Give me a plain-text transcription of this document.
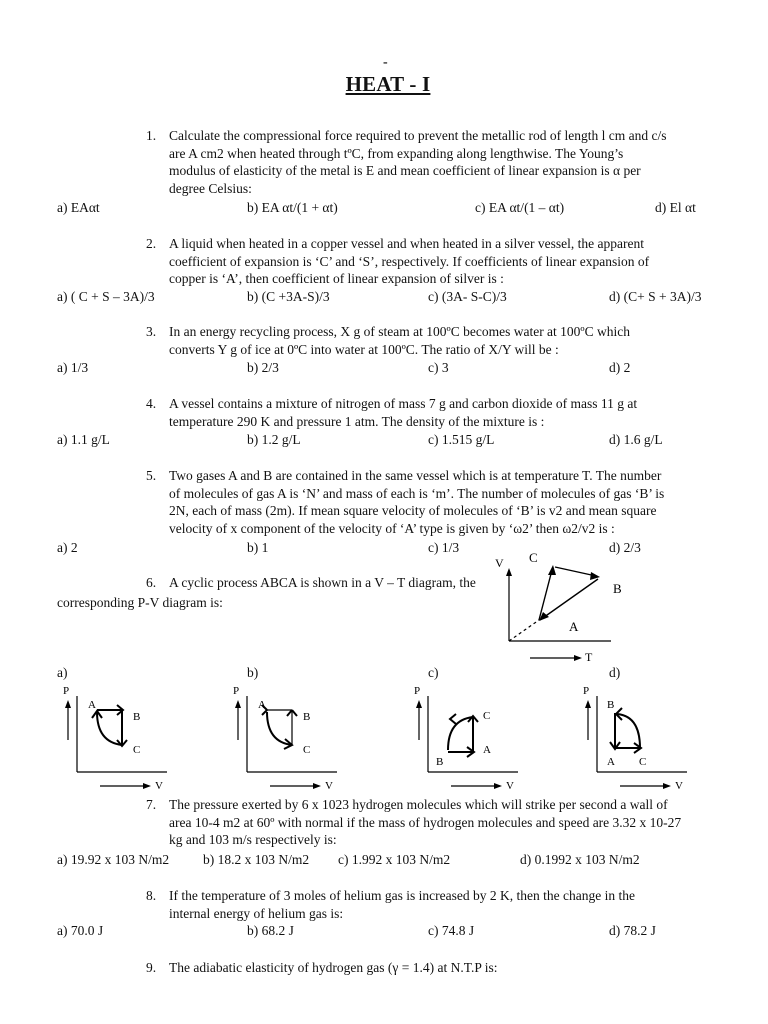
-
HEAT - I
1. Calculate the compressional force required to prevent the metallic rod of length l cm and c/s
are A cm2 when heated through tºC, from expanding along lengthwise. The Young’s
modulus of elasticity of the metal is E and mean coefficient of linear expansion is α per
degree Celsius:
a) EAαt	b) EA αt/(1 + αt)	c) EA αt/(1 – αt)	d) El αt
2. A liquid when heated in a copper vessel and when heated in a silver vessel, the apparent
coefficient of expansion is ‘C’ and ‘S’, respectively. If coefficients of linear expansion of
copper is ‘A’, then coefficient of linear expansion of silver is :
a) ( C + S – 3A)/3	b) (C +3A-S)/3	c) (3A- S-C)/3	d) (C+ S + 3A)/3
3. In an energy recycling process, X g of steam at 100ºC becomes water at 100ºC which
converts Y g of ice at 0ºC into water at 100ºC. The ratio of X/Y will be :
a) 1/3	b) 2/3	c) 3	d) 2
4. A vessel contains a mixture of nitrogen of mass 7 g and carbon dioxide of mass 11 g at
temperature 290 K and pressure 1 atm. The density of the mixture is :
a) 1.1 g/L	b) 1.2 g/L	c) 1.515 g/L	d) 1.6 g/L
5. Two gases A and B are contained in the same vessel which is at temperature T. The number
of molecules of gas A is ‘N’ and mass of each is ‘m’. The number of molecules of gas ‘B’ is
2N, each of mass (2m). If mean square velocity of molecules of ‘B’ is v2 and mean square
velocity of x component of the velocity of ‘A’ type is given by ‘ω2’ then ω2/v2 is :
a) 2	b) 1	c) 1/3	d) 2/3
6. A cyclic process ABCA is shown in a V – T diagram, the
corresponding P-V diagram is:
V
T
C
B
A
a)	b)	c)	d)
P
V
A
B
C
P
V
A
B
C
P
V
C
A
B
P
V
B
A C
7. The pressure exerted by 6 x 1023 hydrogen molecules which will strike per second a wall of
area 10-4 m2 at 60º with normal if the mass of hydrogen molecules and speed are 3.32 x 10-27
kg and 103 m/s respectively is:
a) 19.92 x 103 N/m2	b) 18.2 x 103 N/m2 c) 1.992 x 103 N/m2	d) 0.1992 x 103 N/m2
8. If the temperature of 3 moles of helium gas is increased by 2 K, then the change in the
internal energy of helium gas is:
a) 70.0 J	b) 68.2 J	c) 74.8 J	d) 78.2 J
9. The adiabatic elasticity of hydrogen gas (γ = 1.4) at N.T.P is:
